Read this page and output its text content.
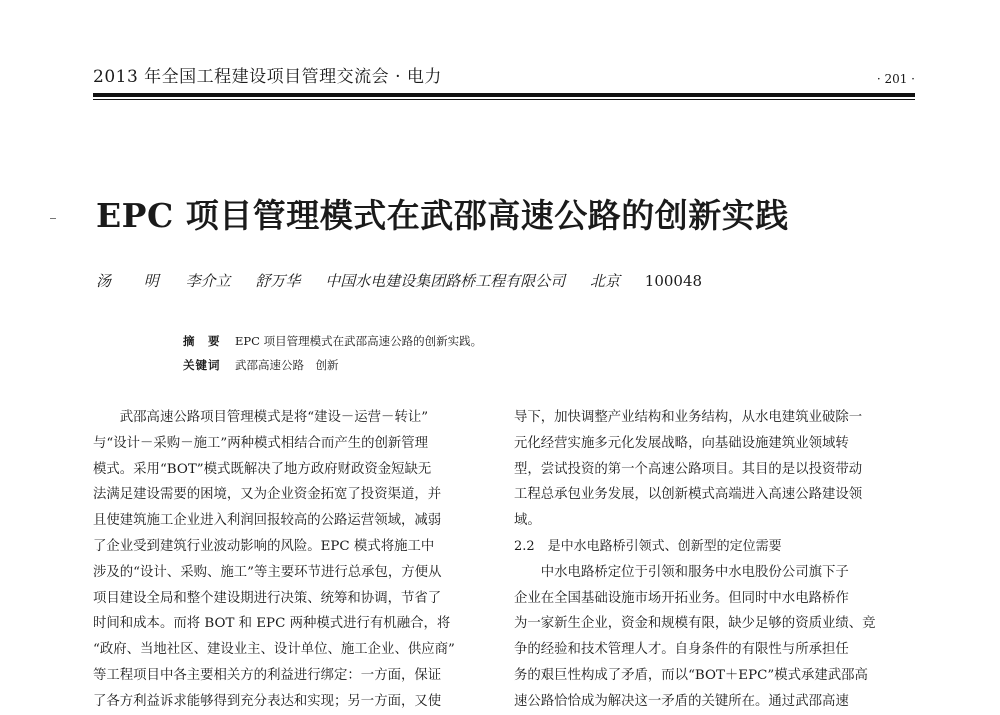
2013 年全国工程建设项目管理交流会 · 电力	· 201 ·
EPC 项目管理模式在武邵高速公路的创新实践
汤 明 李介立 舒万华 中国水电建设集团路桥工程有限公司 北京 100048
摘　要 EPC 项目管理模式在武邵高速公路的创新实践。
关键词 武邵高速公路　创新
　　武邵高速公路项目管理模式是将“建设－运营－转让”
与“设计－采购－施工”两种模式相结合而产生的创新管理
模式。采用“BOT”模式既解决了地方政府财政资金短缺无
法满足建设需要的困境，又为企业资金拓宽了投资渠道，并
且使建筑施工企业进入利润回报较高的公路运营领域，减弱
了企业受到建筑行业波动影响的风险。EPC 模式将施工中
涉及的“设计、采购、施工”等主要环节进行总承包，方便从
项目建设全局和整个建设期进行决策、统筹和协调，节省了
时间和成本。而将 BOT 和 EPC 两种模式进行有机融合，将
“政府、当地社区、建设业主、设计单位、施工企业、供应商”
等工程项目中各主要相关方的利益进行绑定：一方面，保证
了各方利益诉求能够得到充分表达和实现；另一方面，又使
导下，加快调整产业结构和业务结构，从水电建筑业破除一
元化经营实施多元化发展战略，向基础设施建筑业领域转
型，尝试投资的第一个高速公路项目。其目的是以投资带动
工程总承包业务发展，以创新模式高端进入高速公路建设领
域。
2.2　是中水电路桥引领式、创新型的定位需要
　　中水电路桥定位于引领和服务中水电股份公司旗下子
企业在全国基础设施市场开拓业务。但同时中水电路桥作
为一家新生企业，资金和规模有限，缺少足够的资质业绩、竞
争的经验和技术管理人才。自身条件的有限性与所承担任
务的艰巨性构成了矛盾，而以“BOT＋EPC”模式承建武邵高
速公路恰恰成为解决这一矛盾的关键所在。通过武邵高速
